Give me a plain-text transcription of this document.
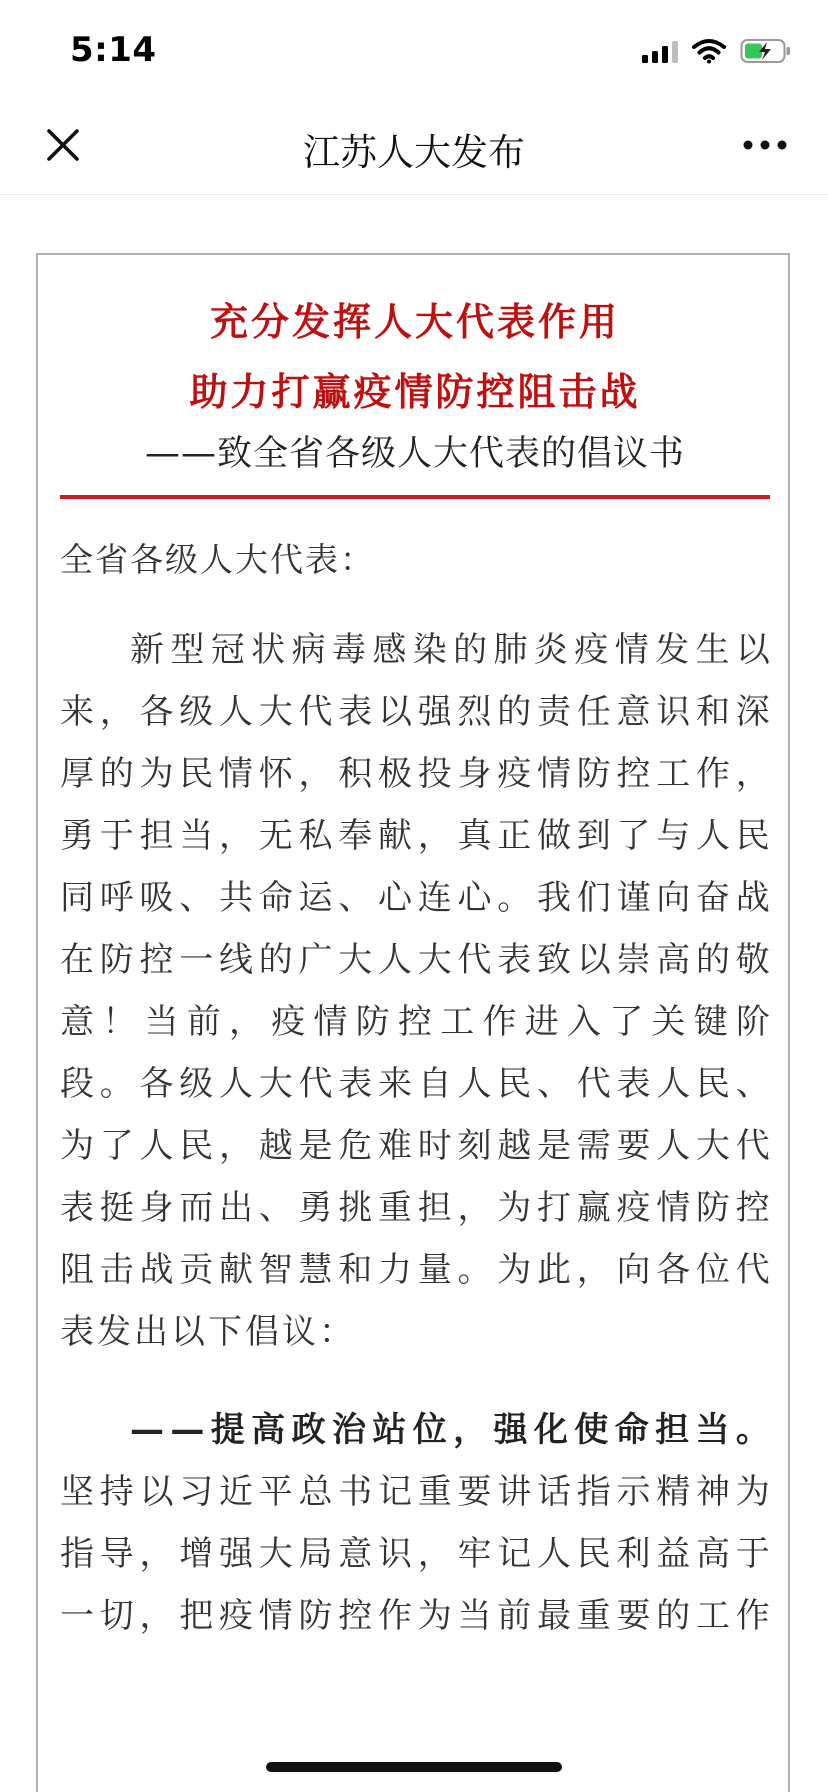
5:14
江苏人大发布
充分发挥人大代表作用
助力打赢疫情防控阻击战
——致全省各级人大代表的倡议书
全省各级人大代表：
新 型 冠 状 病 毒 感 染 的 肺 炎 疫 情 发 生 以
来 ， 各 级 人 大 代 表 以 强 烈 的 责 任 意 识 和 深
厚 的 为 民 情 怀 ， 积 极 投 身 疫 情 防 控 工 作 ，
勇 于 担 当 ， 无 私 奉 献 ， 真 正 做 到 了 与 人 民
同 呼 吸 、 共 命 运 、 心 连 心 。 我 们 谨 向 奋 战
在 防 控 一 线 的 广 大 人 大 代 表 致 以 崇 高 的 敬
意 ！ 当 前 ， 疫 情 防 控 工 作 进 入 了 关 键 阶
段 。 各 级 人 大 代 表 来 自 人 民 、 代 表 人 民 、
为 了 人 民 ， 越 是 危 难 时 刻 越 是 需 要 人 大 代
表 挺 身 而 出 、 勇 挑 重 担 ， 为 打 赢 疫 情 防 控
阻 击 战 贡 献 智 慧 和 力 量 。 为 此 ， 向 各 位 代
表发出以下倡议：
— — 提 高 政 治 站 位 ， 强 化 使 命 担 当 。
坚 持 以 习 近 平 总 书 记 重 要 讲 话 指 示 精 神 为
指 导 ， 增 强 大 局 意 识 ， 牢 记 人 民 利 益 高 于
一 切 ， 把 疫 情 防 控 作 为 当 前 最 重 要 的 工 作
